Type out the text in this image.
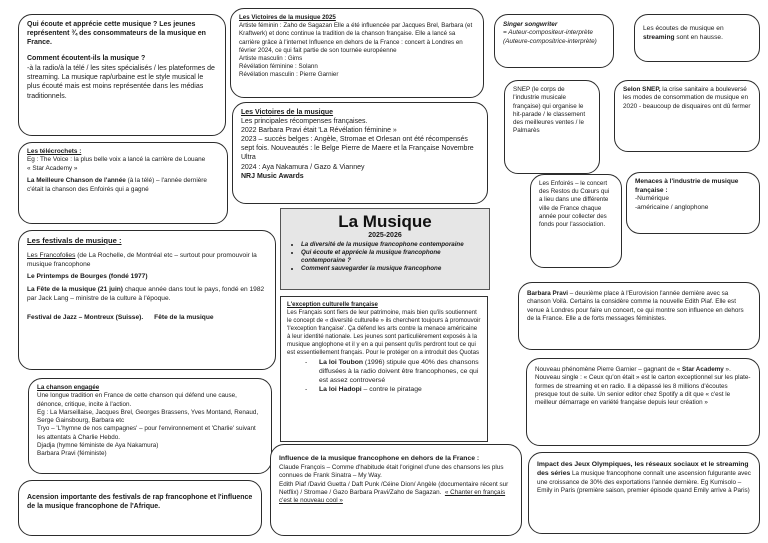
Qui écoute et apprécie cette musique ? Les jeunes représentent ¾ des consommateurs de la musique en France.

Comment écoutent-ils la musique ?

-à la radio/à la télé / les sites spécialisés / les plateformes de streaming. La musique rap/urbaine est le style musical le plus écouté mais est moins représentée dans les médias traditionnels.

Les Victoires de la musique 2025
Artiste féminin : Zaho de Sagazan Elle a été influencée par Jacques Brel, Barbara (et Kraftwerk) et donc continue la tradition de la chanson française. Elle a lancé sa carrière grâce à l'internet Influence en dehors de la France : concert à Londres en février 2024, ce qui fait partie de son tournée européenne
Artiste masculin : Gims
Révélation féminine : Solann
Révélation masculin : Pierre Garnier
Singer songwriter
= Auteur-compositeur-interprète
(Auteure-compositrice-interprète)
Les écoutes de musique en streaming sont en hausse.
Les télécrochets :
Eg : The Voice : la plus belle voix a lancé la carrière de Louane
« Star Academy »
La Meilleure Chanson de l'année (à la télé) – l'année dernière c'était la chanson des Enfoirés qui a gagné
Les Victoires de la musique
Les principales récompenses françaises.
2022 Barbara Pravi était 'La Révélation féminine »
2023 – succès belges : Angèle, Stromae et Orlesan ont été récompensés sept fois. Nouveautés : le Belge Pierre de Maere et la Française Novembre Ultra
2024 : Aya Nakamura / Gazo & Vianney
NRJ Music Awards
SNEP (le corps de l'industrie musicale française) qui organise le hit-parade / le classement des meilleures ventes / le Palmarès
Selon SNEP, la crise sanitaire a bouleversé les modes de consommation de musique en 2020 - beaucoup de disquaires ont dû fermer
Les Enfoirés – le concert des Restos du Cœurs qui a lieu dans une différente ville de France chaque année pour collecter des fonds pour l'association.
Menaces à l'industrie de musique française :
-Numérique
-américaine / anglophone
La Musique
2025-2026
• La diversité de la musique francophone contemporaine
• Qui écoute et apprécie la musique francophone contemporaine ?
• Comment sauvegarder la musique francophone
Les festivals de musique :
Les Francofolies (de La Rochelle, de Montréal etc – surtout pour promouvoir la musique francophone
Le Printemps de Bourges (fondé 1977)
La Fête de la musique (21 juin) chaque année dans tout le pays, fondé en 1982 par Jack Lang – ministre de la culture à l'époque.
Festival de Jazz – Montreux (Suisse). Fête de la musique
L'exception culturelle française
Les Français sont fiers de leur patrimoine, mais bien qu'ils soutiennent le concept de « diversité culturelle » ils cherchent toujours à promouvoir 'l'exception française'. Ça défend les arts contre la menace américaine à leur identité nationale. Les jeunes sont particulièrement exposés à la musique anglophone et il y en a qui pensent qu'ils perdront tout ce qui est essentiellement français. Pour le protéger on a introduit des Quotas
- La loi Toubon (1996) stipule que 40% des chansons diffusées à la radio doivent être francophones, ce qui est assez controversé
- La loi Hadopi – contre le piratage
Barbara Pravi – deuxième place à l'Eurovision l'année dernière avec sa chanson Voilà. Certains la considère comme la nouvelle Edith Piaf. Elle est venue à Londres pour faire un concert, ce qui montre son influence en dehors de la France. Elle a de forts messages féministes.
La chanson engagée
Une longue tradition en France de cette chanson qui défend une cause, dénonce, critique, incite à l'action.
Eg : La Marseillaise, Jacques Brel, Georges Brassens, Yves Montand, Renaud, Serge Gainsbourg, Barbara etc
Tryo – 'L'hymne de nos campagnes' – pour l'environnement et 'Charlie' suivant les attentats à Charlie Hebdo.
Djadja (hymne féministe de Aya Nakamura)
Barbara Pravi (féministe)
Nouveau phénomène Pierre Garnier – gagnant de « Star Academy ». Nouveau single : « Ceux qu'on était » est le carton exceptionnel sur les plate-formes de streaming et en radio. Il a dépassé les 8 millions d'écoutes presque tout de suite. Un senior editor chez Spotify a dit que « c'est le meilleur démarrage en variété française depuis leur création »
Influence de la musique francophone en dehors de la France :
Claude François – Comme d'habitude était l'originel d'une des chansons les plus connues de Frank Sinatra – My Way.
Edith Piaf /David Guetta / Daft Punk /Céine Dion/ Angèle (documentaire récent sur Netflix) / Stromae / Gazo Barbara Pravi/Zaho de Sagazan. « Chanter en français c'est le nouveau cool »
Acension importante des festivals de rap francophone et l'influence de la musique francophone de l'Afrique.
Impact des Jeux Olympiques, les réseaux sociaux et le streaming des séries La musique francophone connaît une ascension fulgurante avec une croissance de 30% des exportations l'année dernière. Eg Kumisolo – Emily in Paris (première saison, premier épisode quand Emily arrive à Paris)
